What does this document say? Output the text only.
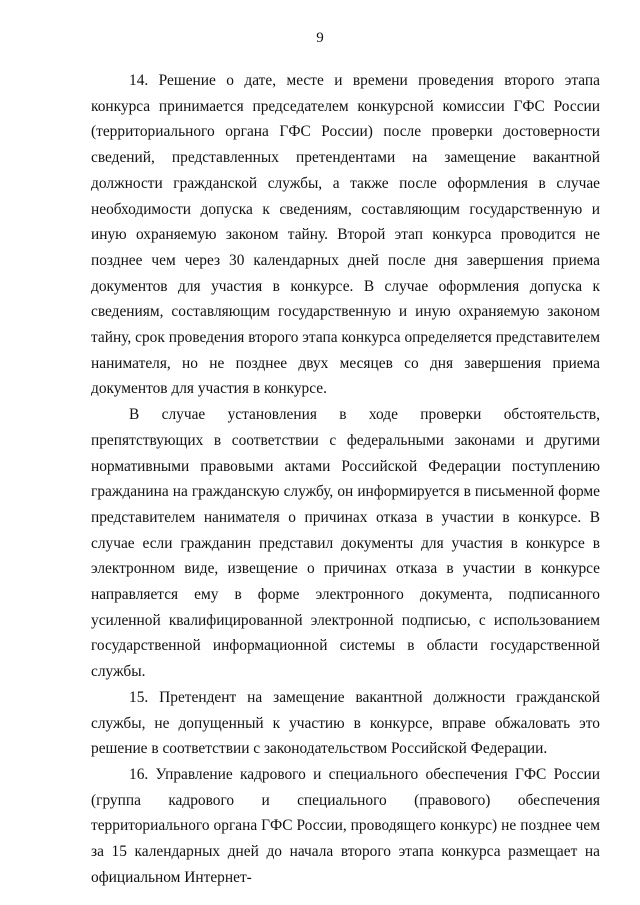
9

14. Решение о дате, месте и времени проведения второго этапа конкурса принимается председателем конкурсной комиссии ГФС России (территориального органа ГФС России) после проверки достоверности сведений, представленных претендентами на замещение вакантной должности гражданской службы, а также после оформления в случае необходимости допуска к сведениям, составляющим государственную и иную охраняемую законом тайну. Второй этап конкурса проводится не позднее чем через 30 календарных дней после дня завершения приема документов для участия в конкурсе. В случае оформления допуска к сведениям, составляющим государственную и иную охраняемую законом тайну, срок проведения второго этапа конкурса определяется представителем нанимателя, но не позднее двух месяцев со дня завершения приема документов для участия в конкурсе.

В случае установления в ходе проверки обстоятельств, препятствующих в соответствии с федеральными законами и другими нормативными правовыми актами Российской Федерации поступлению гражданина на гражданскую службу, он информируется в письменной форме представителем нанимателя о причинах отказа в участии в конкурсе. В случае если гражданин представил документы для участия в конкурсе в электронном виде, извещение о причинах отказа в участии в конкурсе направляется ему в форме электронного документа, подписанного усиленной квалифицированной электронной подписью, с использованием государственной информационной системы в области государственной службы.

15. Претендент на замещение вакантной должности гражданской службы, не допущенный к участию в конкурсе, вправе обжаловать это решение в соответствии с законодательством Российской Федерации.

16. Управление кадрового и специального обеспечения ГФС России (группа кадрового и специального (правового) обеспечения территориального органа ГФС России, проводящего конкурс) не позднее чем за 15 календарных дней до начала второго этапа конкурса размещает на официальном Интернет-
